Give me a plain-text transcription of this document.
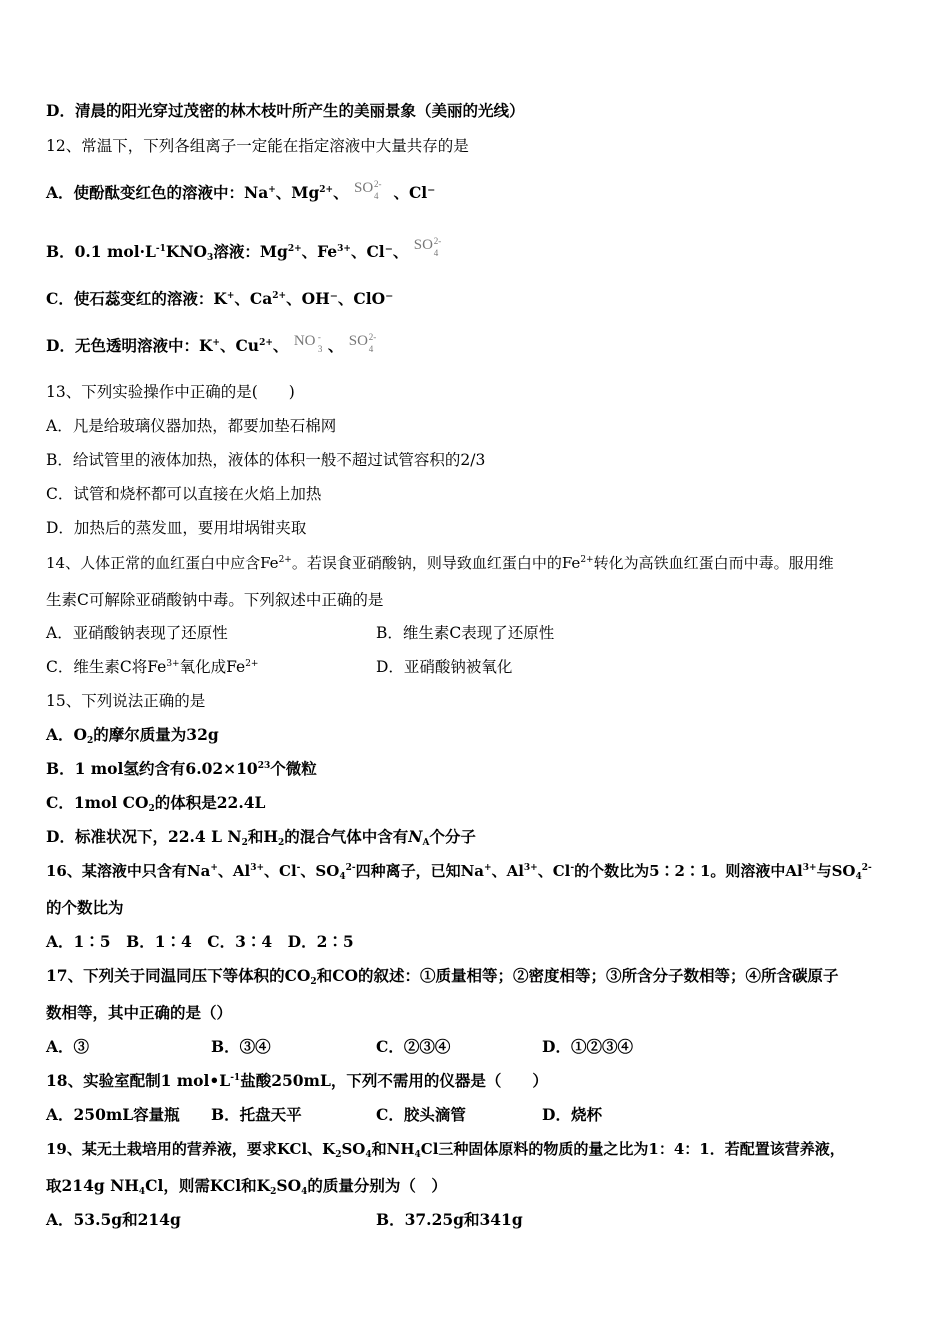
D．清晨的阳光穿过茂密的林木枝叶所产生的美丽景象（美丽的光线）
12、常温下，下列各组离子一定能在指定溶液中大量共存的是
A．使酚酞变红色的溶液中：Na+、$Mg^{2+}$、 SO 2-
4 、Cl⁻
B．0.1 $mol\cdot L^{-1}KNO_3$溶液：$Mg^{2+}$、$Fe^{3+}$、Cl⁻、 SO 2-
4
C．使石蕊变红的溶液：K+、$Ca^{2+}$、OH⁻、ClO⁻
D．无色透明溶液中：K+、$Cu^{2+}$、 NO -
3 、 SO 2-
4
13、下列实验操作中正确的是(　　)
A．凡是给玻璃仪器加热，都要加垫石棉网
B．给试管里的液体加热，液体的体积一般不超过试管容积的2/3
C．试管和烧杯都可以直接在火焰上加热
D．加热后的蒸发皿，要用坩埚钳夹取
14、人体正常的血红蛋白中应含$Fe^{2+}$。若误食亚硝酸钠，则导致血红蛋白中的$Fe^{2+}$转化为高铁血红蛋白而中毒。服用维
生素C可解除亚硝酸钠中毒。下列叙述中正确的是
A．亚硝酸钠表现了还原性	B．维生素C表现了还原性
C．维生素C将$Fe^{3+}$氧化成$Fe^{2+}$	D．亚硝酸钠被氧化
15、下列说法正确的是
A．$O_2$的摩尔质量为32g
B．1 mol氢约含有$6.02\times 10^{23}$个微粒
C．1mol $CO_2$的体积是22.4L
D．标准状况下，22.4 L $N_2$和$H_2$的混合气体中含有$N_A$个分子
16、某溶液中只含有Na+、$Al^{3+}$、Cl-、$SO_4^{2-}$四种离子，已知Na+、$Al^{3+}$、Cl-的个数比为5∶2∶1。则溶液中$Al^{3+}$与$SO_4^{2-}$
的个数比为
A．1∶5　B．1∶4　C．3∶4　D．2∶5
17、下列关于同温同压下等体积的$CO_2$和CO的叙述：①质量相等；②密度相等；③所含分子数相等；④所含碳原子
数相等，其中正确的是（）
A．③	B．③④	C．②③④	D．①②③④
18、实验室配制1 $mol•L^{-1}$盐酸250mL，下列不需用的仪器是（　　）
A．250mL容量瓶 B．托盘天平	C．胶头滴管	D．烧杯
19、某无土栽培用的营养液，要求KCl、$K_2SO_4$和$NH_4Cl$三种固体原料的物质的量之比为1：4：1．若配置该营养液，
取214g $NH_4Cl$，则需KCl和$K_2SO_4$的质量分别为（　）
A．53.5g和214g	B．37.25g和341g
